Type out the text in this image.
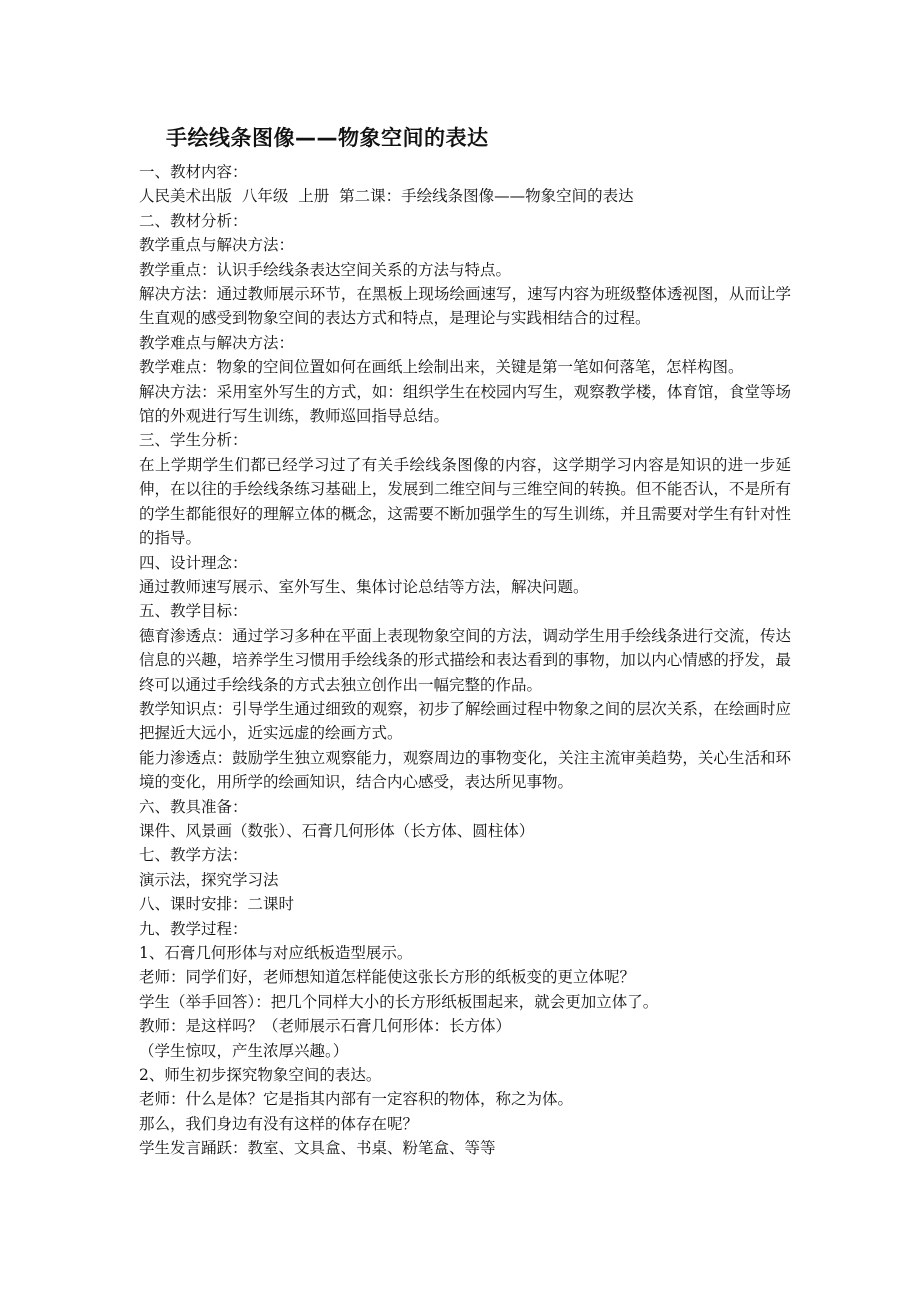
手绘线条图像——物象空间的表达

一、教材内容：

人民美术出版  八年级  上册  第二课：手绘线条图像——物象空间的表达

二、教材分析：

教学重点与解决方法：

教学重点：认识手绘线条表达空间关系的方法与特点。

解决方法：通过教师展示环节，在黑板上现场绘画速写，速写内容为班级整体透视图，从而让学生直观的感受到物象空间的表达方式和特点，是理论与实践相结合的过程。

教学难点与解决方法：

教学难点：物象的空间位置如何在画纸上绘制出来，关键是第一笔如何落笔，怎样构图。

解决方法：采用室外写生的方式，如：组织学生在校园内写生，观察教学楼，体育馆，食堂等场馆的外观进行写生训练，教师巡回指导总结。

三、学生分析：

在上学期学生们都已经学习过了有关手绘线条图像的内容，这学期学习内容是知识的进一步延伸，在以往的手绘线条练习基础上，发展到二维空间与三维空间的转换。但不能否认，不是所有的学生都能很好的理解立体的概念，这需要不断加强学生的写生训练，并且需要对学生有针对性的指导。

四、设计理念：

通过教师速写展示、室外写生、集体讨论总结等方法，解决问题。

五、教学目标：

德育渗透点：通过学习多种在平面上表现物象空间的方法，调动学生用手绘线条进行交流，传达信息的兴趣，培养学生习惯用手绘线条的形式描绘和表达看到的事物，加以内心情感的抒发，最终可以通过手绘线条的方式去独立创作出一幅完整的作品。

教学知识点：引导学生通过细致的观察，初步了解绘画过程中物象之间的层次关系，在绘画时应把握近大远小，近实远虚的绘画方式。

能力渗透点：鼓励学生独立观察能力，观察周边的事物变化，关注主流审美趋势，关心生活和环境的变化，用所学的绘画知识，结合内心感受，表达所见事物。

六、教具准备：

课件、风景画（数张）、石膏几何形体（长方体、圆柱体）

七、教学方法：

演示法，探究学习法

八、课时安排：二课时

九、教学过程：

1、石膏几何形体与对应纸板造型展示。

老师：同学们好，老师想知道怎样能使这张长方形的纸板变的更立体呢？

学生（举手回答）：把几个同样大小的长方形纸板围起来，就会更加立体了。

教师：是这样吗？（老师展示石膏几何形体：长方体）

（学生惊叹，产生浓厚兴趣。）

2、师生初步探究物象空间的表达。

老师：什么是体？它是指其内部有一定容积的物体，称之为体。

那么，我们身边有没有这样的体存在呢？

学生发言踊跃：教室、文具盒、书桌、粉笔盒、等等
